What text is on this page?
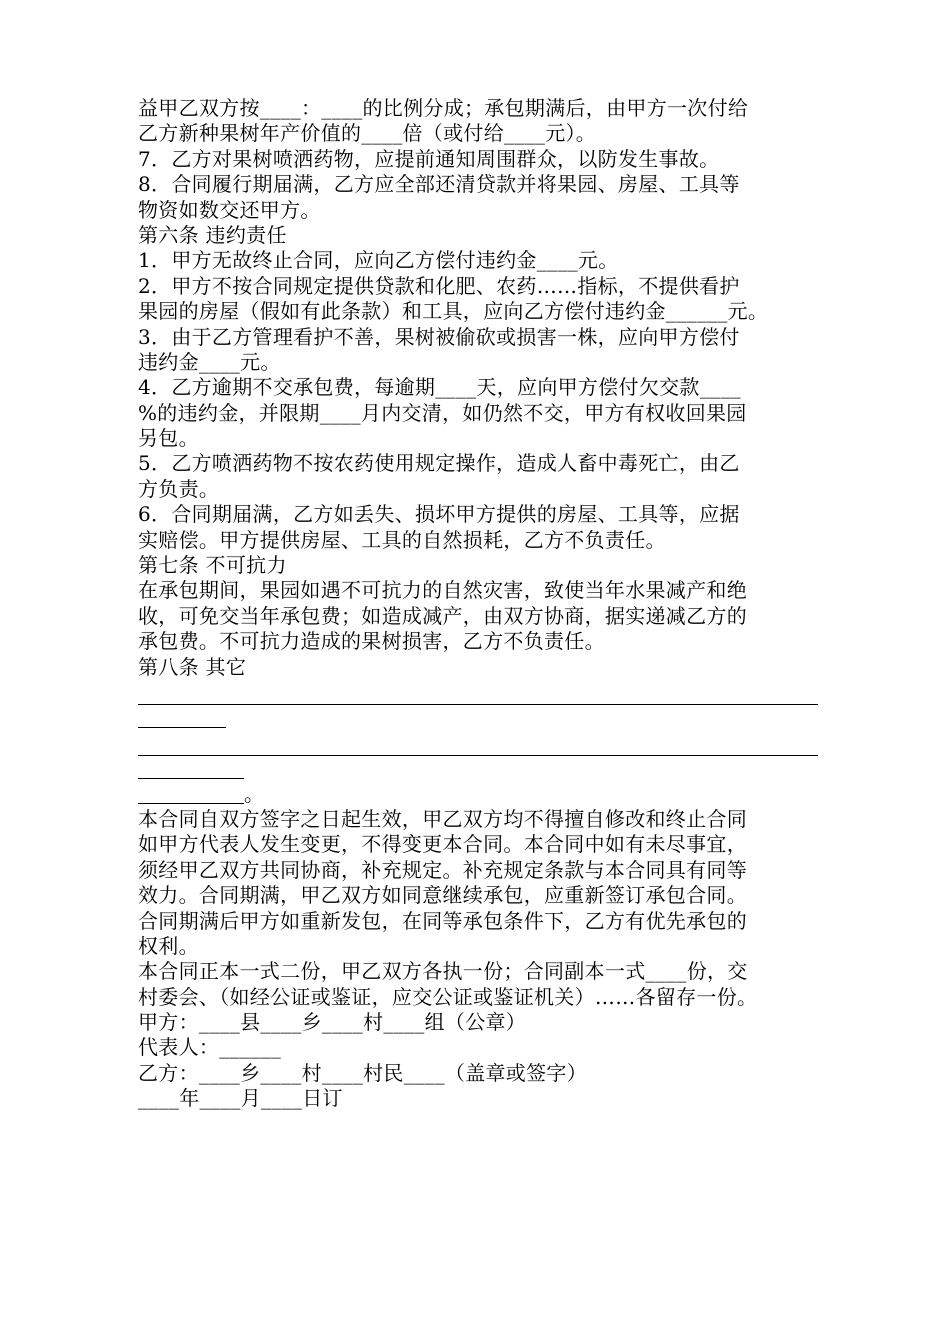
益甲乙双方按____：____的比例分成；承包期满后，由甲方一次付给
乙方新种果树年产价值的____倍（或付给____元）。
7．乙方对果树喷洒药物，应提前通知周围群众，以防发生事故。
8．合同履行期届满，乙方应全部还清贷款并将果园、房屋、工具等
物资如数交还甲方。
第六条 违约责任
1．甲方无故终止合同，应向乙方偿付违约金____元。
2．甲方不按合同规定提供贷款和化肥、农药……指标，不提供看护
果园的房屋（假如有此条款）和工具，应向乙方偿付违约金______元。
3．由于乙方管理看护不善，果树被偷砍或损害一株，应向甲方偿付
违约金____元。
4．乙方逾期不交承包费，每逾期____天，应向甲方偿付欠交款____
%的违约金，并限期____月内交清，如仍然不交，甲方有权收回果园
另包。
5．乙方喷洒药物不按农药使用规定操作，造成人畜中毒死亡，由乙
方负责。
6．合同期届满，乙方如丢失、损坏甲方提供的房屋、工具等，应据
实赔偿。甲方提供房屋、工具的自然损耗，乙方不负责任。
第七条 不可抗力
在承包期间，果园如遇不可抗力的自然灾害，致使当年水果减产和绝
收，可免交当年承包费；如造成减产，由双方协商，据实递减乙方的
承包费。不可抗力造成的果树损害，乙方不负责任。
第八条 其它
。
本合同自双方签字之日起生效，甲乙双方均不得擅自修改和终止合同
如甲方代表人发生变更，不得变更本合同。本合同中如有未尽事宜，
须经甲乙双方共同协商，补充规定。补充规定条款与本合同具有同等
效力。合同期满，甲乙双方如同意继续承包，应重新签订承包合同。
合同期满后甲方如重新发包，在同等承包条件下，乙方有优先承包的
权利。
本合同正本一式二份，甲乙双方各执一份；合同副本一式____份，交
村委会、（如经公证或鉴证，应交公证或鉴证机关）……各留存一份。
甲方：____县____乡____村____组（公章）
代表人：______
乙方：____乡____村____村民____（盖章或签字）
____年____月____日订
